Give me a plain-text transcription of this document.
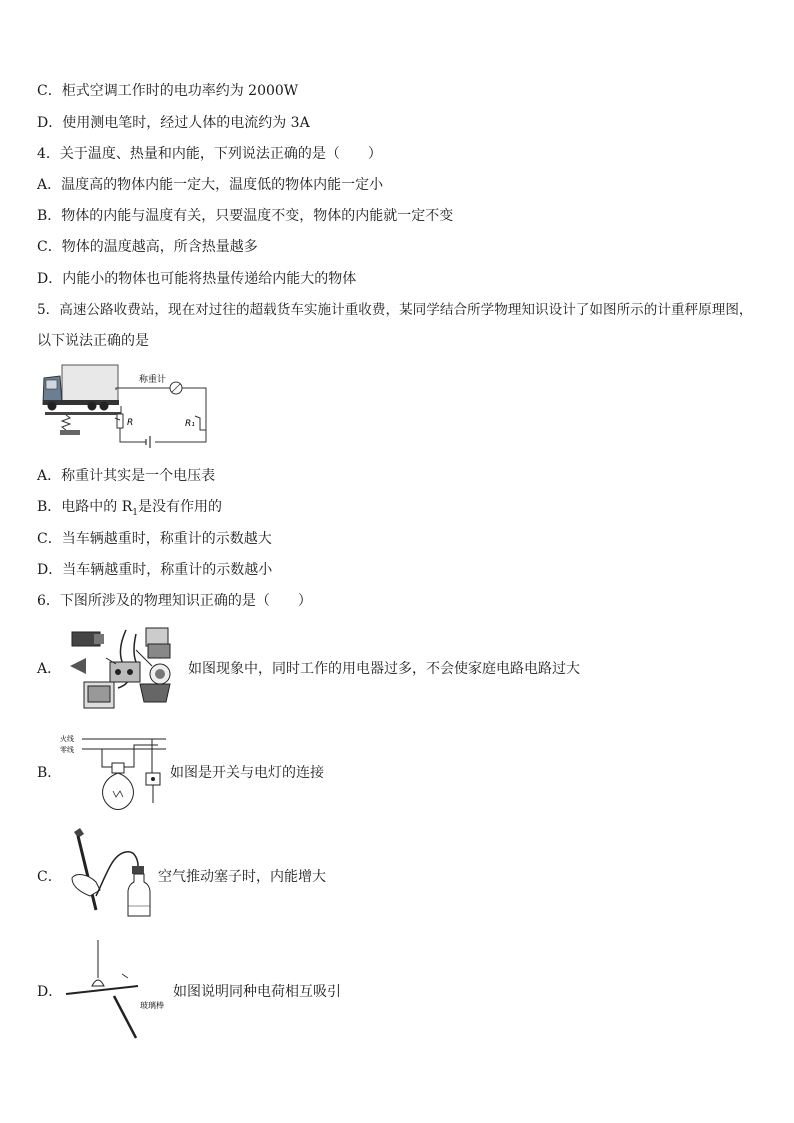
C．柜式空调工作时的电功率约为 2000W
D．使用测电笔时，经过人体的电流约为 3A
4．关于温度、热量和内能，下列说法正确的是（　　）
A．温度高的物体内能一定大，温度低的物体内能一定小
B．物体的内能与温度有关，只要温度不变，物体的内能就一定不变
C．物体的温度越高，所含热量越多
D．内能小的物体也可能将热量传递给内能大的物体
5．高速公路收费站，现在对过往的超载货车实施计重收费，某同学结合所学物理知识设计了如图所示的计重秤原理图，
以下说法正确的是
称重计
R	R₁
A．称重计其实是一个电压表
B．电路中的 $R_1$是没有作用的
C．当车辆越重时，称重计的示数越大
D．当车辆越重时，称重计的示数越小
6．下图所涉及的物理知识正确的是（　　）
A．	如图现象中，同时工作的用电器过多，不会使家庭电路电路过大
B．
火线
零线
如图是开关与电灯的连接
C．	空气推动塞子时，内能增大
D．
玻璃棒
如图说明同种电荷相互吸引
